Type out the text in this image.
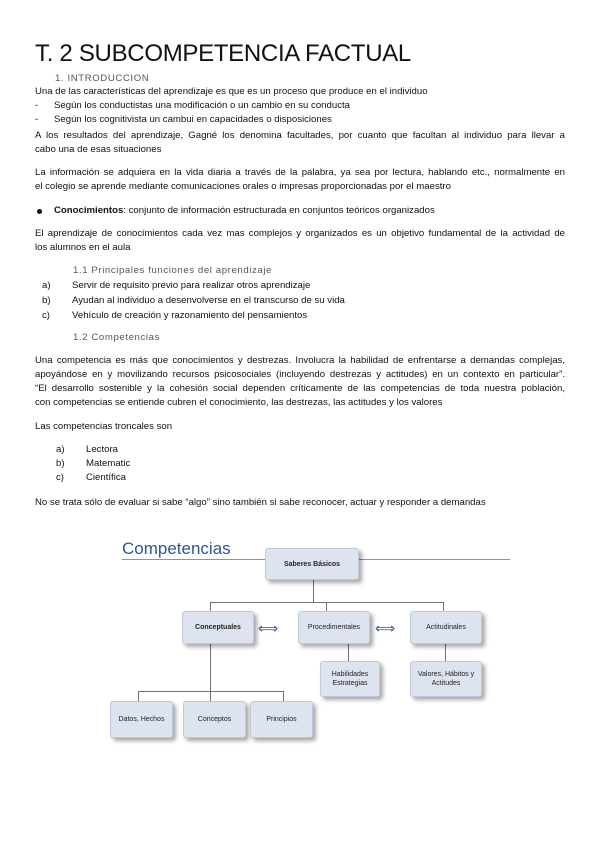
T. 2 SUBCOMPETENCIA FACTUAL
1. INTRODUCCION
Una de las características del aprendizaje es que es un proceso que produce en el individuo
- Según los conductistas una modificación o un cambio en su conducta
- Según los cognitivista un cambui en capacidades o disposiciones
A los resultados del aprendizaje, Gagné los denomina facultades, por cuanto que facultan al individuo para llevar a
cabo una de esas situaciones
La información se adquiera en la vida diaria a través de la palabra, ya sea por lectura, hablando etc., normalmente en
el colegio se aprende mediante comunicaciones orales o impresas proporcionadas por el maestro
Conocimientos: conjunto de información estructurada en conjuntos teóricos organizados
El aprendizaje de conocimientos cada vez mas complejos y organizados es un objetivo fundamental de la actividad de
los alumnos en el aula
1.1 Principales funciones del aprendizaje
a) Servir de requisito previo para realizar otros aprendizaje
b) Ayudan al individuo a desenvolverse en el transcurso de su vida
c) Vehículo de creación y razonamiento del pensamientos
1.2 Competencias
Una competencia es más que conocimientos y destrezas. Involucra la habilidad de enfrentarse a demandas complejas,
apoyándose en y movilizando recursos psicosociales (incluyendo destrezas y actitudes) en un contexto en particular”.
“El desarrollo sostenible y la cohesión social dependen críticamente de las competencias de toda nuestra población,
con competencias se entiende cubren el conocimiento, las destrezas, las actitudes y los valores
Las competencias troncales son
a) Lectora
b) Matematic
c) Científica
No se trata sólo de evaluar si sabe “algo” sino también si sabe reconocer, actuar y responder a demandas
Competencias
Saberes Básicos
Conceptuales	⟺	Procedimentales	⟺	Actitudinales
Habilidades Estrategias
Valores, Hábitos y Actitudes
Datos, Hechos	Conceptos	Principios
